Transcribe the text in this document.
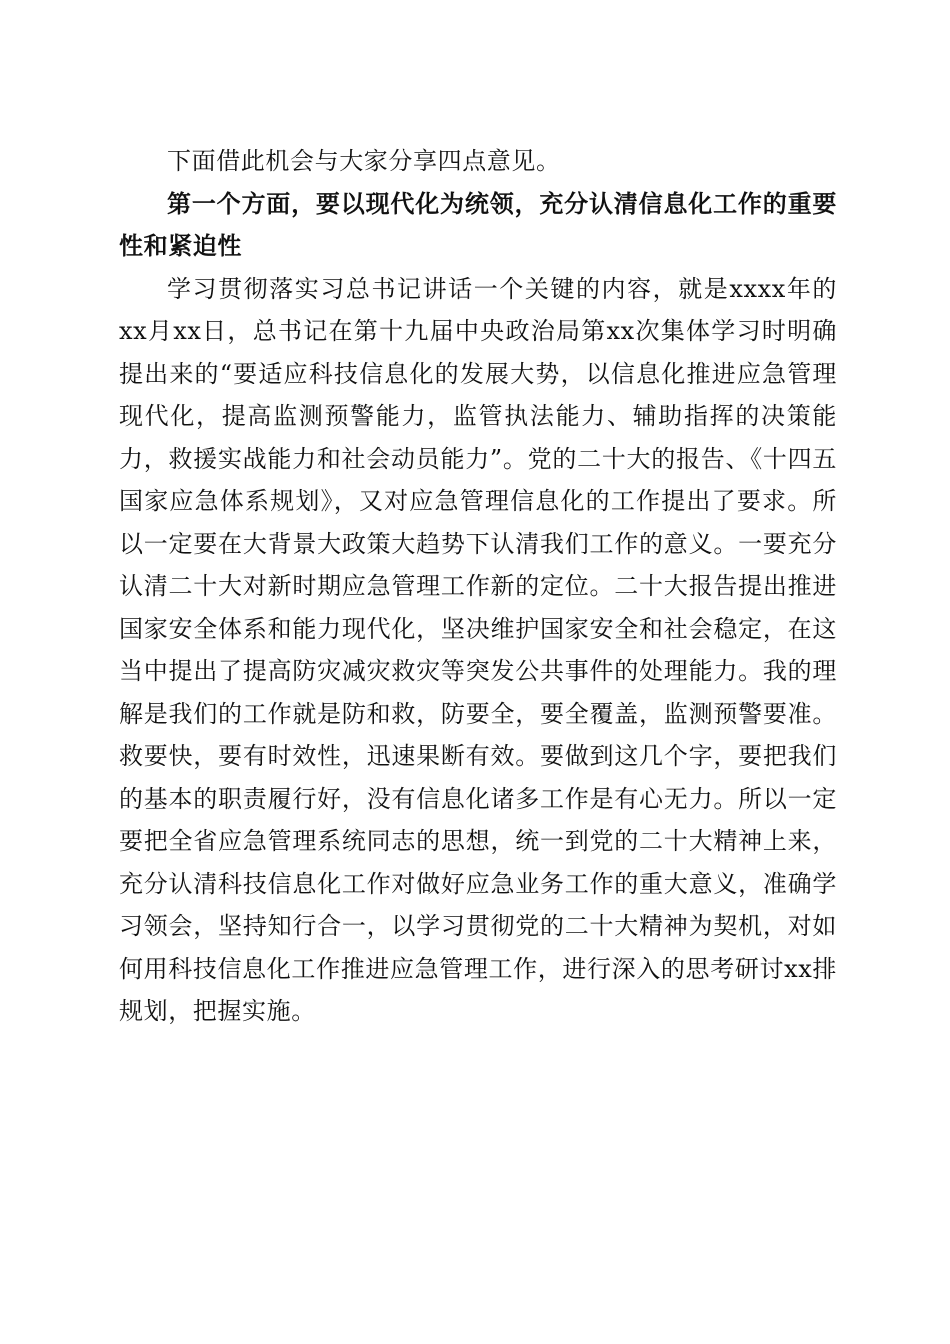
下面借此机会与大家分享四点意见。

第一个方面，要以现代化为统领，充分认清信息化工作的重要性和紧迫性

学习贯彻落实习总书记讲话一个关键的内容，就是xxxx年的xx月xx日，总书记在第十九届中央政治局第xx次集体学习时明确提出来的“要适应科技信息化的发展大势，以信息化推进应急管理现代化，提高监测预警能力，监管执法能力、辅助指挥的决策能力，救援实战能力和社会动员能力”。党的二十大的报告、《十四五国家应急体系规划》，又对应急管理信息化的工作提出了要求。所以一定要在大背景大政策大趋势下认清我们工作的意义。一要充分认清二十大对新时期应急管理工作新的定位。二十大报告提出推进国家安全体系和能力现代化，坚决维护国家安全和社会稳定，在这当中提出了提高防灾减灾救灾等突发公共事件的处理能力。我的理解是我们的工作就是防和救，防要全，要全覆盖，监测预警要准。救要快，要有时效性，迅速果断有效。要做到这几个字，要把我们的基本的职责履行好，没有信息化诸多工作是有心无力。所以一定要把全省应急管理系统同志的思想，统一到党的二十大精神上来，充分认清科技信息化工作对做好应急业务工作的重大意义，准确学习领会，坚持知行合一，以学习贯彻党的二十大精神为契机，对如何用科技信息化工作推进应急管理工作，进行深入的思考研讨xx排规划，把握实施。
